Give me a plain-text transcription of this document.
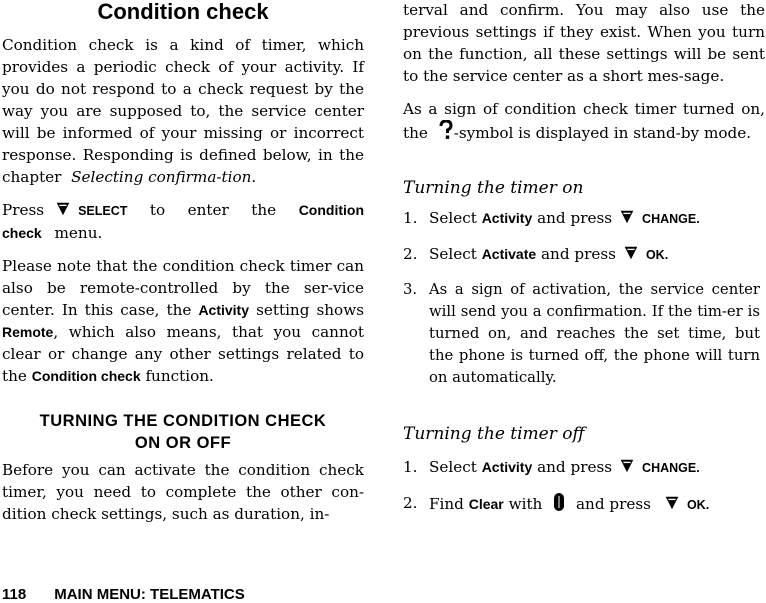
Condition check

Condition check is a kind of timer, which provides a periodic check of your activity. If you do not respond to a check request by the way you are supposed to, the service center will be informed of your missing or incorrect response. Responding is defined below, in the chapter Selecting confirma-tion.

Press	SELECT to enter the Condition check menu.

Please note that the condition check timer can also be remote-controlled by the ser-vice center. In this case, the Activity setting shows Remote, which also means, that you cannot clear or change any other settings related to the Condition check function.

TURNING THE CONDITION CHECK
ON OR OFF

Before you can activate the condition check timer, you need to complete the other con-dition check settings, such as duration, in-

terval and confirm. You may also use the previous settings if they exist. When you turn on the function, all these settings will be sent to the service center as a short mes-sage.

As a sign of condition check timer turned on, the -symbol is displayed in stand-by mode.

Turning the timer on
1. Select Activity and press CHANGE.
2. Select Activate and press OK.
3. As a sign of activation, the service center will send you a confirmation. If the tim-er is turned on, and reaches the set time, but the phone is turned off, the phone will turn on automatically.
Turning the timer off
1. Select Activity and press CHANGE.
2. Find Clear with and press	OK.
118 MAIN MENU: TELEMATICS
